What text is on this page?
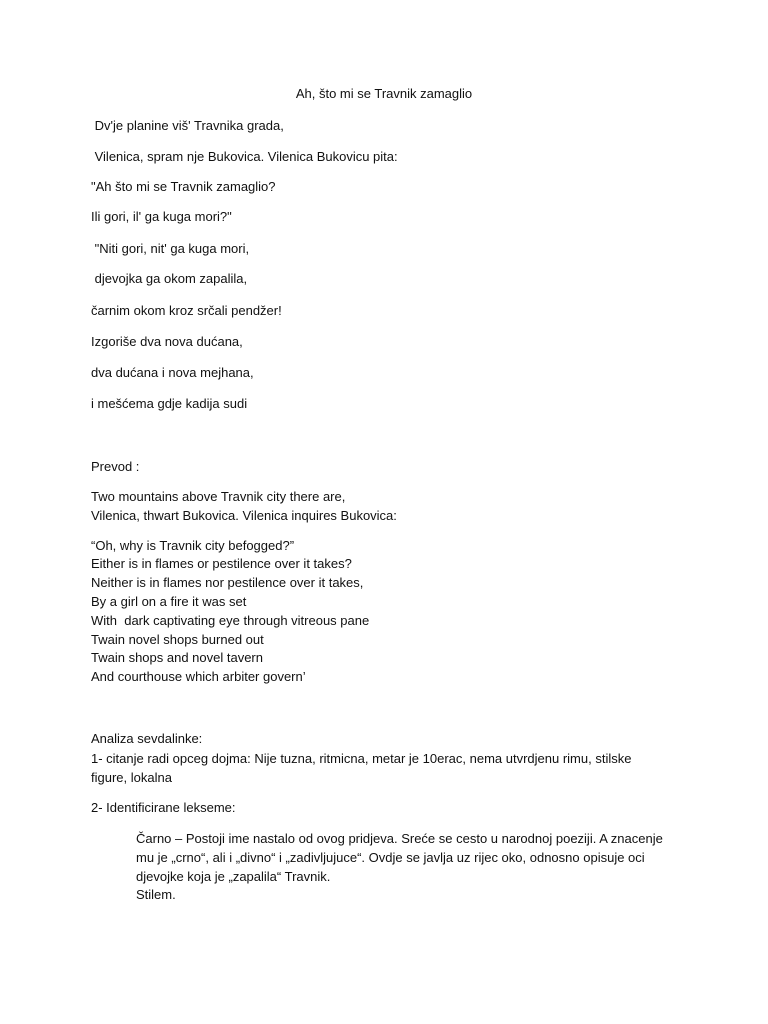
Ah, što mi se Travnik zamaglio
Dv'je planine viš' Travnika grada,
Vilenica, spram nje Bukovica. Vilenica Bukovicu pita:
"Ah što mi se Travnik zamaglio?
Ili gori, il' ga kuga mori?"
"Niti gori, nit' ga kuga mori,
djevojka ga okom zapalila,
čarnim okom kroz srčali pendžer!
Izgoriše dva nova dućana,
dva dućana i nova mejhana,
i mešćema gdje kadija sudi
Prevod :
Two mountains above Travnik city there are,
Vilenica, thwart Bukovica. Vilenica inquires Bukovica:
“Oh, why is Travnik city befogged?”
Either is in flames or pestilence over it takes?
Neither is in flames nor pestilence over it takes,
By a girl on a fire it was set
With  dark captivating eye through vitreous pane
Twain novel shops burned out
Twain shops and novel tavern
And courthouse which arbiter govern’
Analiza sevdalinke:
1- citanje radi opceg dojma: Nije tuzna, ritmicna, metar je 10erac, nema utvrdjenu rimu, stilske figure, lokalna
2- Identificirane lekseme:
Čarno – Postoji ime nastalo od ovog pridjeva. Sreće se cesto u narodnoj poeziji. A znacenje mu je „crno“, ali i „divno“ i „zadivljujuce“. Ovdje se javlja uz rijec oko, odnosno opisuje oci djevojke koja je „zapalila“ Travnik.
Stilem.
